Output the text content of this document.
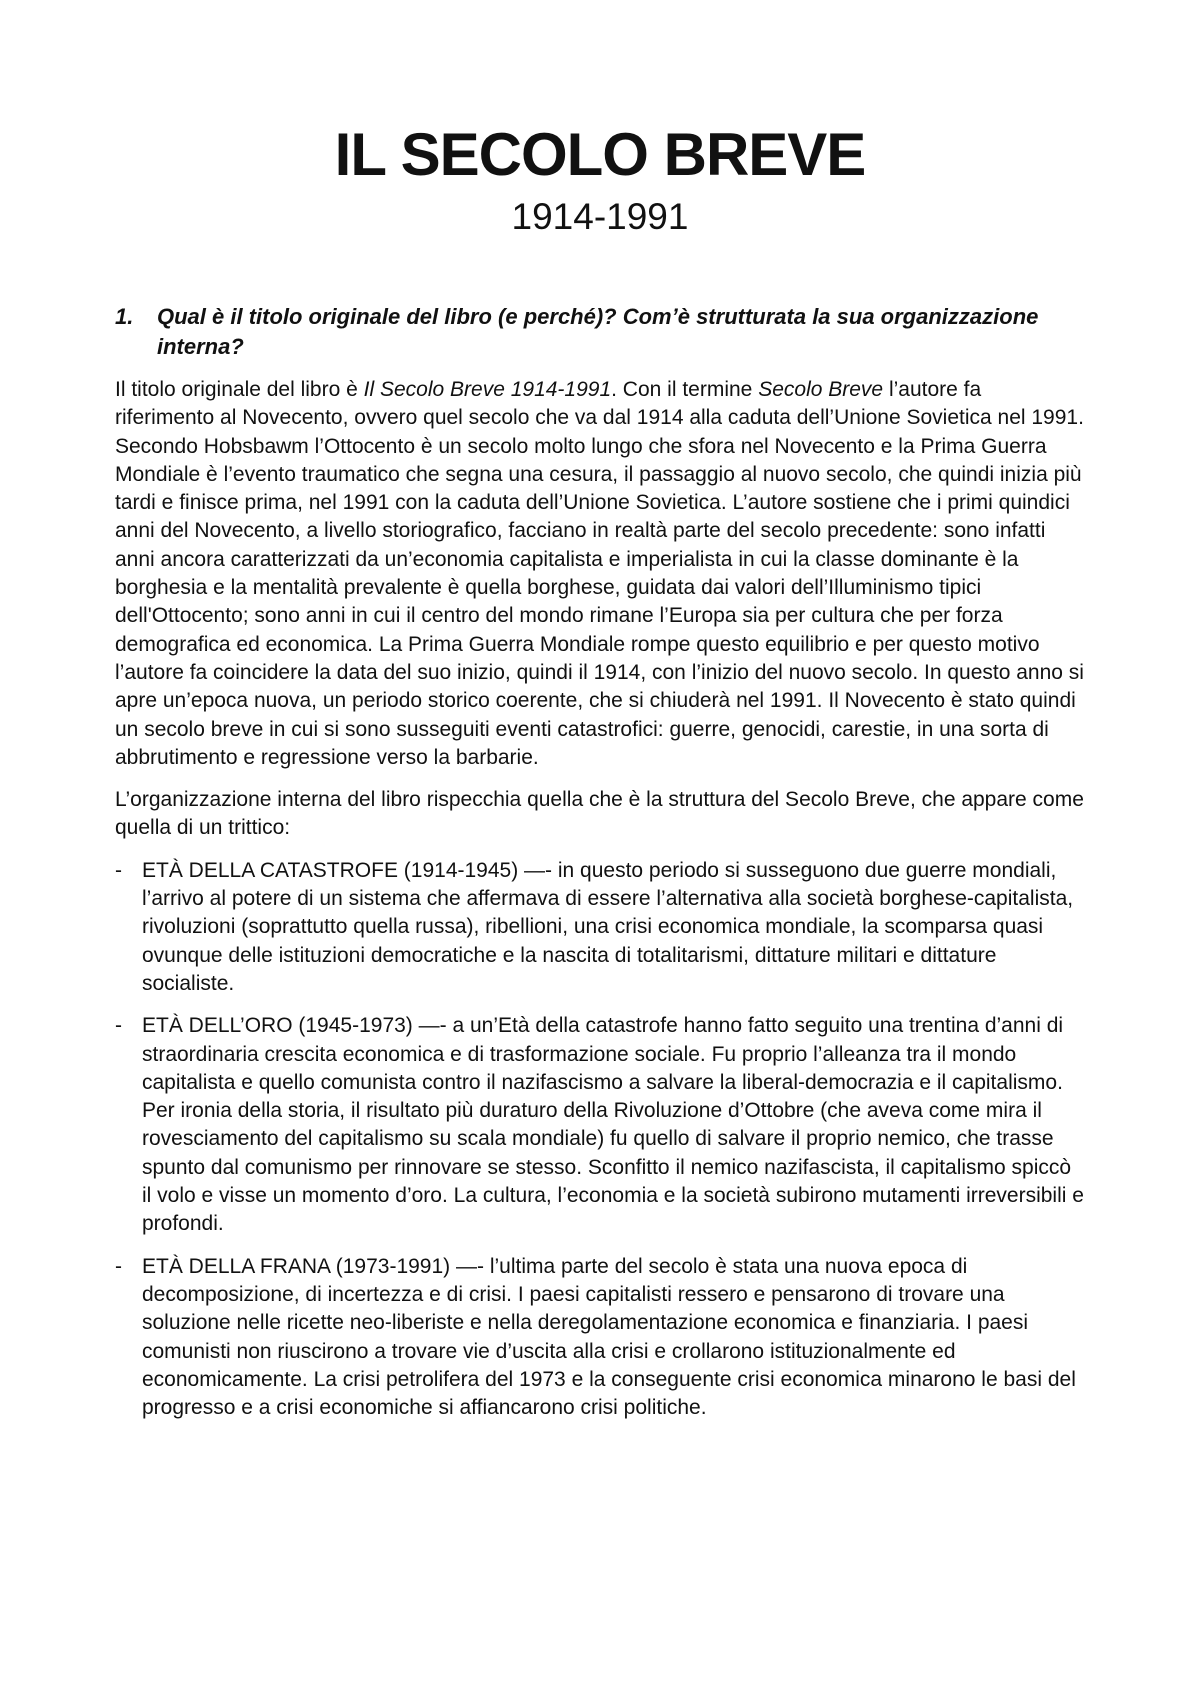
IL SECOLO BREVE
1914-1991
1.	Qual è il titolo originale del libro (e perché)? Com’è strutturata la sua organizzazione interna?

Il titolo originale del libro è Il Secolo Breve 1914-1991. Con il termine Secolo Breve l’autore fa riferimento al Novecento, ovvero quel secolo che va dal 1914 alla caduta dell’Unione Sovietica nel 1991. Secondo Hobsbawm l’Ottocento è un secolo molto lungo che sfora nel Novecento e la Prima Guerra Mondiale è l’evento traumatico che segna una cesura, il passaggio al nuovo secolo, che quindi inizia più tardi e finisce prima, nel 1991 con la caduta dell’Unione Sovietica. L’autore sostiene che i primi quindici anni del Novecento, a livello storiografico, facciano in realtà parte del secolo precedente: sono infatti anni ancora caratterizzati da un’economia capitalista e imperialista in cui la classe dominante è la borghesia e la mentalità prevalente è quella borghese, guidata dai valori dell’Illuminismo tipici dell'Ottocento; sono anni in cui il centro del mondo rimane l’Europa sia per cultura che per forza demografica ed economica. La Prima Guerra Mondiale rompe questo equilibrio e per questo motivo l’autore fa coincidere la data del suo inizio, quindi il 1914, con l’inizio del nuovo secolo. In questo anno si apre un’epoca nuova, un periodo storico coerente, che si chiuderà nel 1991. Il Novecento è stato quindi un secolo breve in cui si sono susseguiti eventi catastrofici: guerre, genocidi, carestie, in una sorta di abbrutimento e regressione verso la barbarie.

L’organizzazione interna del libro rispecchia quella che è la struttura del Secolo Breve, che appare come quella di un trittico:

- ETÀ DELLA CATASTROFE (1914-1945) —- in questo periodo si susseguono due guerre mondiali, l’arrivo al potere di un sistema che affermava di essere l’alternativa alla società borghese-capitalista, rivoluzioni (soprattutto quella russa), ribellioni, una crisi economica mondiale, la scomparsa quasi ovunque delle istituzioni democratiche e la nascita di totalitarismi, dittature militari e dittature socialiste.
- ETÀ DELL’ORO (1945-1973) —- a un’Età della catastrofe hanno fatto seguito una trentina d’anni di straordinaria crescita economica e di trasformazione sociale. Fu proprio l’alleanza tra il mondo capitalista e quello comunista contro il nazifascismo a salvare la liberal-democrazia e il capitalismo. Per ironia della storia, il risultato più duraturo della Rivoluzione d’Ottobre (che aveva come mira il rovesciamento del capitalismo su scala mondiale) fu quello di salvare il proprio nemico, che trasse spunto dal comunismo per rinnovare se stesso. Sconfitto il nemico nazifascista, il capitalismo spiccò il volo e visse un momento d’oro. La cultura, l’economia e la società subirono mutamenti irreversibili e profondi.
- ETÀ DELLA FRANA (1973-1991) —- l’ultima parte del secolo è stata una nuova epoca di decomposizione, di incertezza e di crisi. I paesi capitalisti ressero e pensarono di trovare una soluzione nelle ricette neo-liberiste e nella deregolamentazione economica e finanziaria. I paesi comunisti non riuscirono a trovare vie d’uscita alla crisi e crollarono istituzionalmente ed economicamente. La crisi petrolifera del 1973 e la conseguente crisi economica minarono le basi del progresso e a crisi economiche si affiancarono crisi politiche.
